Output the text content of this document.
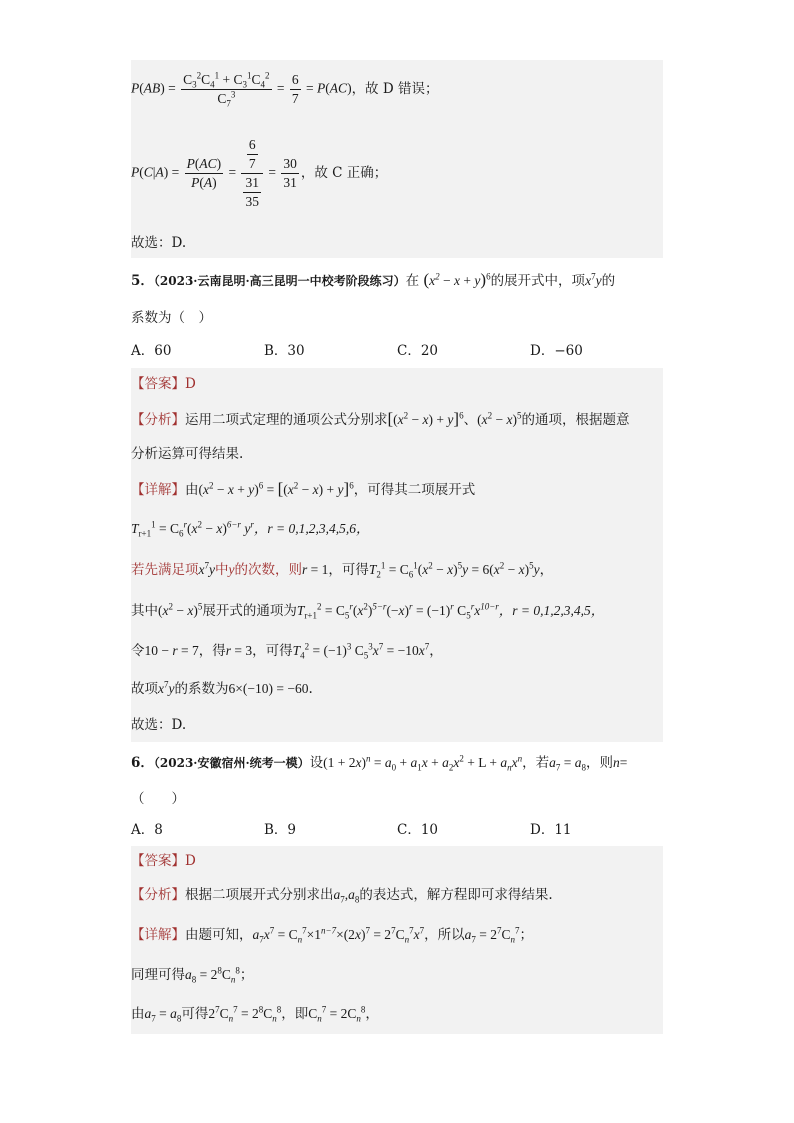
$P(AB) = \frac{C_3^2C_4^1 + C_3^1C_4^2}{C_7^3} = \frac{6}{7} = P(AC)$ ，故 D 错误；
$P(C|A) = \frac{P(AC)}{P(A)} = \frac{\frac{6}{7}}{\frac{31}{35}} = \frac{30}{31}$ ，故 C 正确；
故选：D.
5．（2023·云南昆明·高三昆明一中校考阶段练习）在 $(x^2 - x + y)^6$的展开式中，项$x^7y$的
系数为（　）
A．60	B．30	C．20	D．−60
【答案】D
【分析】运用二项式定理的通项公式分别求$[(x^2 - x) + y]^6$、$(x^2 - x)^5$的通项，根据题意
分析运算可得结果.
【详解】由$(x^2 - x + y)^6 = [(x^2 - x) + y]^6$，可得其二项展开式
$T_{r+1}^1 = C_6^r(x^2 - x)^{6-r}$ $y^r$，r = 0,1,2,3,4,5,6，
若先满足项$x^7y$中y的次数，则r = 1，可得$T_2^1 = C_6^1(x^2 - x)^5y = 6(x^2 - x)^5y$，
其中$(x^2 - x)^5$展开式的通项为$T_{r+1}^2 = C_5^r(x^2)^{5-r}(-x)^r = (-1)^r$ $C_5^rx^{10-r}$，r = 0,1,2,3,4,5，
令10 − r = 7，得r = 3，可得$T_4^2 = (-1)^3$ $C_5^3x^7 = -10x^7$，
故项$x^7y$的系数为6×(−10) = −60.
故选：D.
6．（2023·安徽宿州·统考一模）设$(1 + 2x)^n = a_0 + a_1x + a_2x^2 + L + a_nx^n$，若$a_7 = a_8$，则n=
（　　）
A．8	B．9	C．10	D．11
【答案】D
【分析】根据二项展开式分别求出$a_7,a_8$的表达式，解方程即可求得结果.
【详解】由题可知，$a_7x^7 = C_n^7\times 1^{n-7}\times(2x)^7 = 2^7C_n^7x^7$，所以$a_7 = 2^7C_n^7$；
同理可得$a_8 = 2^8C_n^8$；
由$a_7 = a_8$可得$2^7C_n^7 = 2^8C_n^8$，即$C_n^7 = 2C_n^8$，
